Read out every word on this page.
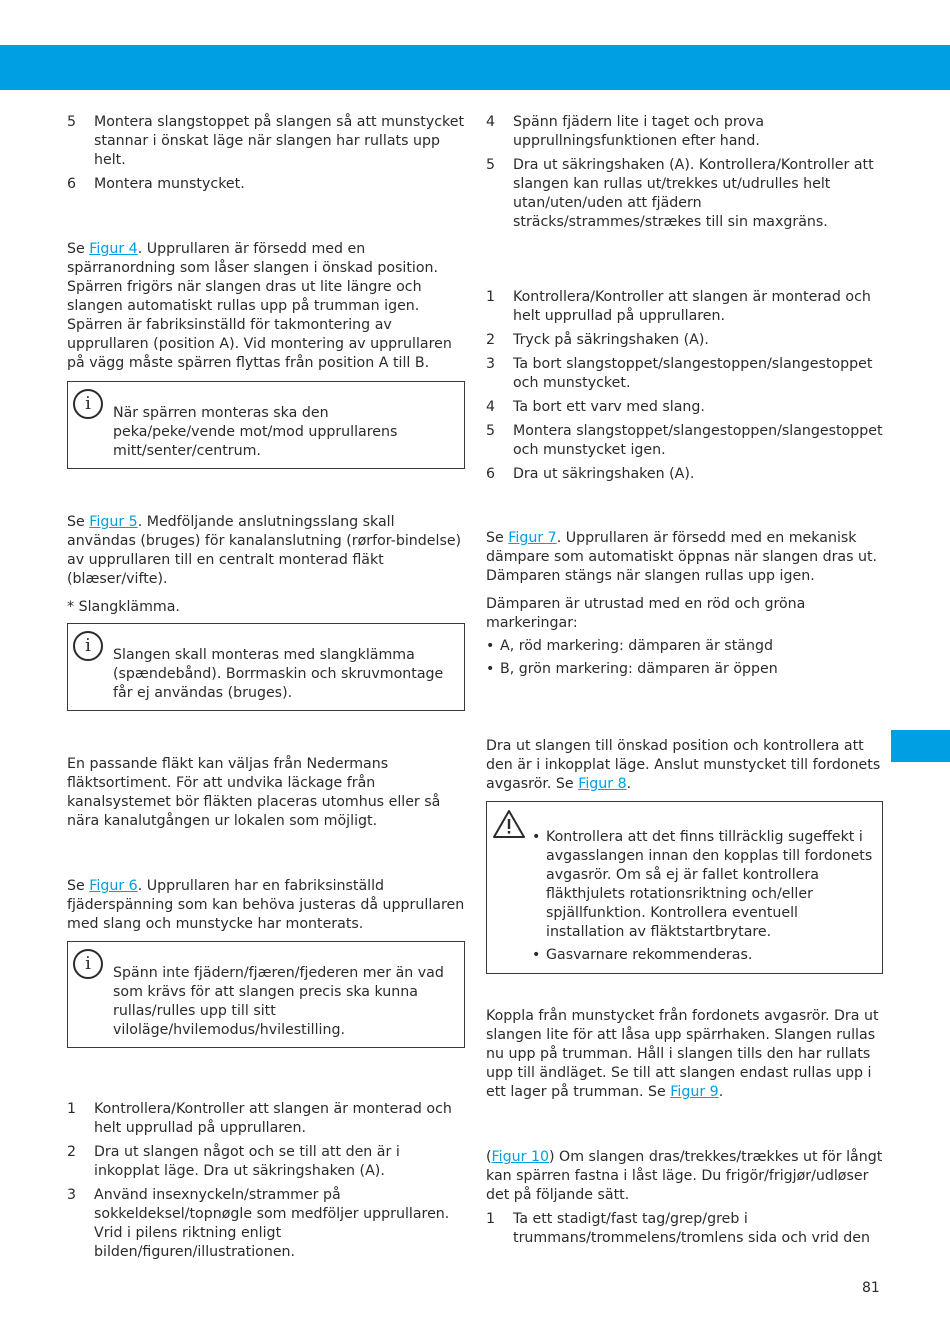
5 Montera slangstoppet på slangen så att munstycket stannar i önskat läge när slangen har rullats upp helt.
6 Montera munstycket.

Se Figur 4. Upprullaren är försedd med en spärranordning som låser slangen i önskad position. Spärren frigörs när slangen dras ut lite längre och slangen automatiskt rullas upp på trumman igen. Spärren är fabriksinställd för takmontering av upprullaren (position A). Vid montering av upprullaren på vägg måste spärren flyttas från position A till B.

i	När spärren monteras ska den peka/peke/vende mot/mod upprullarens mitt/senter/centrum.

Se Figur 5. Medföljande anslutningsslang skall användas (bruges) för kanalanslutning (rørfor-bindelse) av upprullaren till en centralt monterad fläkt (blæser/vifte).

* Slangklämma.

i	Slangen skall monteras med slangklämma (spændebånd). Borrmaskin och skruvmontage får ej användas (bruges).

En passande fläkt kan väljas från Nedermans fläktsortiment. För att undvika läckage från kanalsystemet bör fläkten placeras utomhus eller så nära kanalutgången ur lokalen som möjligt.

Se Figur 6. Upprullaren har en fabriksinställd fjäderspänning som kan behöva justeras då upprullaren med slang och munstycke har monterats.

i	Spänn inte fjädern/fjæren/fjederen mer än vad som krävs för att slangen precis ska kunna rullas/rulles upp till sitt viloläge/hvilemodus/hvilestilling.
1 Kontrollera/Kontroller att slangen är monterad och helt upprullad på upprullaren.
2 Dra ut slangen något och se till att den är i inkopplat läge. Dra ut säkringshaken (A).
3 Använd insexnyckeln/strammer på sokkeldeksel/topnøgle som medföljer upprullaren. Vrid i pilens riktning enligt bilden/figuren/illustrationen.
4 Spänn fjädern lite i taget och prova upprullningsfunktionen efter hand.
5 Dra ut säkringshaken (A). Kontrollera/Kontroller att slangen kan rullas ut/trekkes ut/udrulles helt utan/uten/uden att fjädern sträcks/strammes/strækes till sin maxgräns.
1 Kontrollera/Kontroller att slangen är monterad och helt upprullad på upprullaren.
2 Tryck på säkringshaken (A).
3 Ta bort slangstoppet/slangestoppen/slangestoppet och munstycket.
4 Ta bort ett varv med slang.
5 Montera slangstoppet/slangestoppen/slangestoppet och munstycket igen.
6 Dra ut säkringshaken (A).

Se Figur 7. Upprullaren är försedd med en mekanisk dämpare som automatiskt öppnas när slangen dras ut. Dämparen stängs när slangen rullas upp igen.

Dämparen är utrustad med en röd och gröna markeringar:

• A, röd markering: dämparen är stängd
• B, grön markering: dämparen är öppen

Dra ut slangen till önskad position och kontrollera att den är i inkopplat läge. Anslut munstycket till fordonets avgasrör. Se Figur 8.

• Kontrollera att det finns tillräcklig sugeffekt i avgasslangen innan den kopplas till fordonets avgasrör. Om så ej är fallet kontrollera fläkthjulets rotationsriktning och/eller spjällfunktion. Kontrollera eventuell installation av fläktstartbrytare.
• Gasvarnare rekommenderas.

Koppla från munstycket från fordonets avgasrör. Dra ut slangen lite för att låsa upp spärrhaken. Slangen rullas nu upp på trumman. Håll i slangen tills den har rullats upp till ändläget. Se till att slangen endast rullas upp i ett lager på trumman. Se Figur 9.

(Figur 10) Om slangen dras/trekkes/trækkes ut för långt kan spärren fastna i låst läge. Du frigör/frigjør/udløser det på följande sätt.

1 Ta ett stadigt/fast tag/grep/greb i trummans/trommelens/tromlens sida och vrid den
81
